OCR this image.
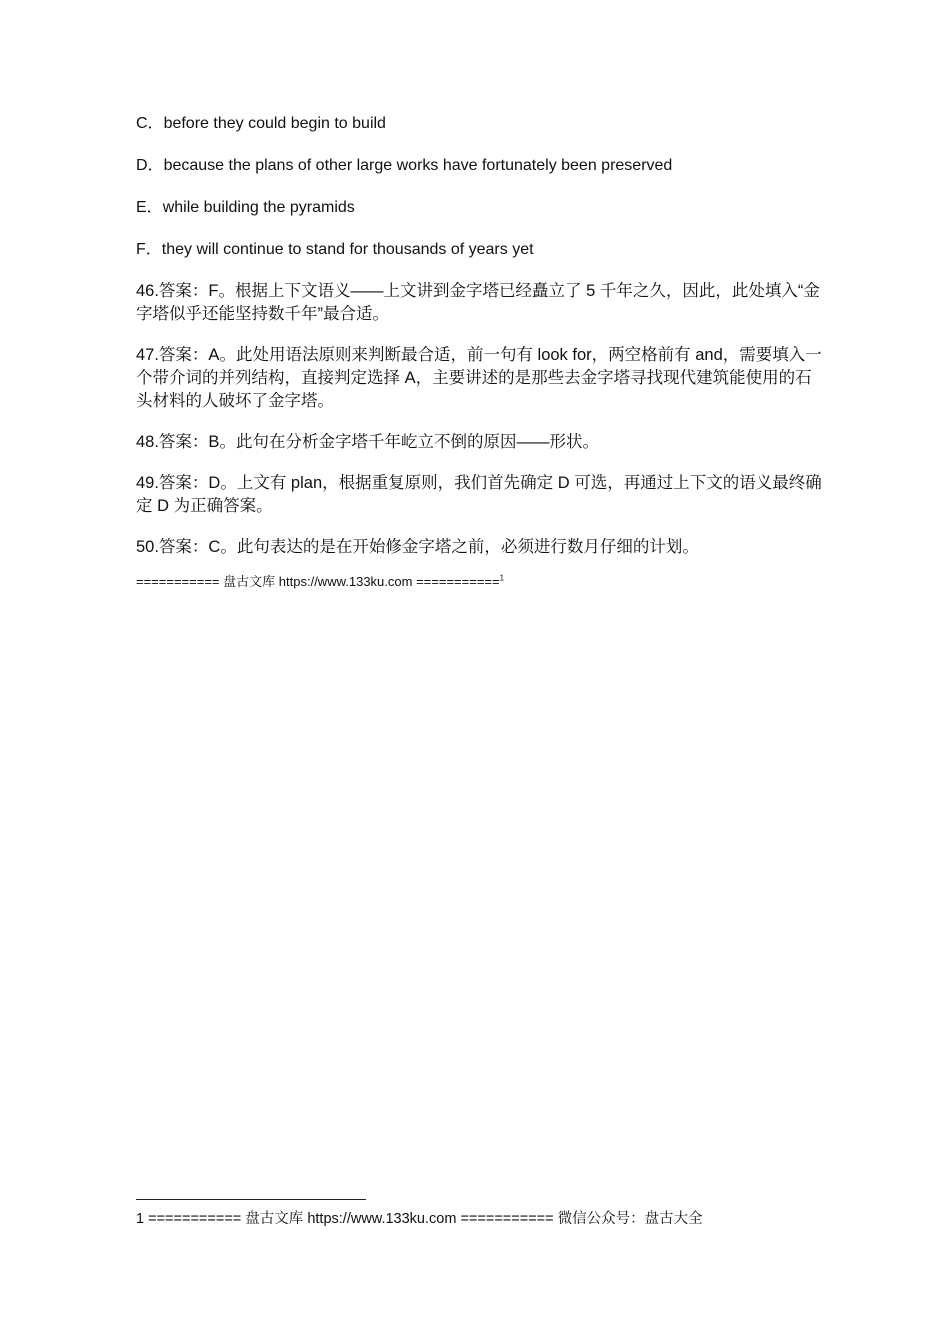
C．before they could begin to build
D．because the plans of other large works have fortunately been preserved
E．while building the pyramids
F．they will continue to stand for thousands of years yet

46.答案：F。根据上下文语义——上文讲到金字塔已经矗立了 5 千年之久，因此，此处填入“金字塔似乎还能坚持数千年”最合适。

47.答案：A。此处用语法原则来判断最合适，前一句有 look for，两空格前有 and，需要填入一个带介词的并列结构，直接判定选择 A，主要讲述的是那些去金字塔寻找现代建筑能使用的石头材料的人破坏了金字塔。

48.答案：B。此句在分析金字塔千年屹立不倒的原因——形状。

49.答案：D。上文有 plan，根据重复原则，我们首先确定 D 可选，再通过上下文的语义最终确定 D 为正确答案。

50.答案：C。此句表达的是在开始修金字塔之前，必须进行数月仔细的计划。

=========== 盘古文库 https://www.133ku.com ===========$^1$
1 =========== 盘古文库 https://www.133ku.com =========== 微信公众号：盘古大全
